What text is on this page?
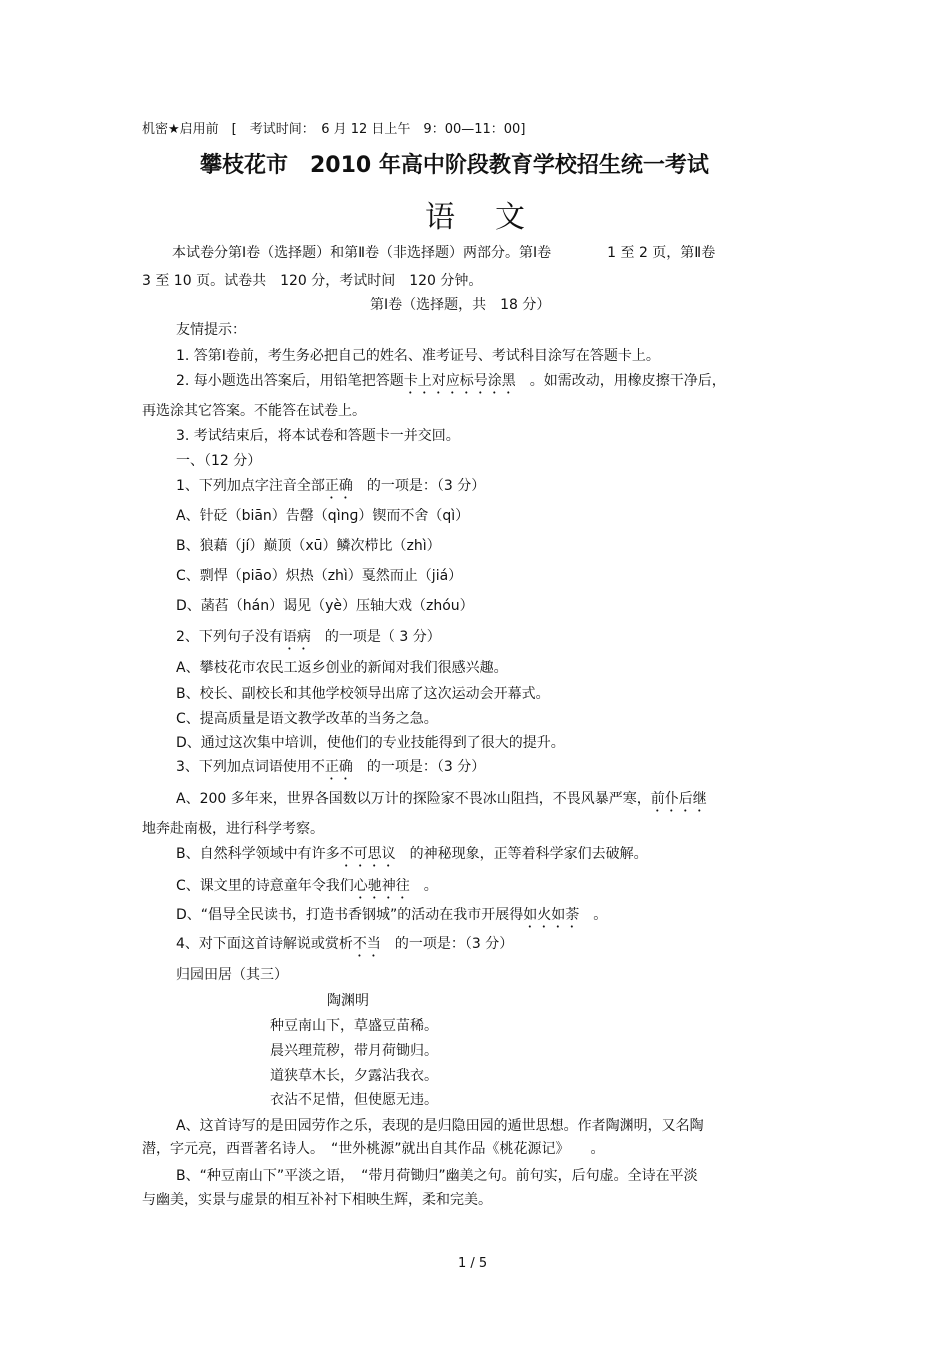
机密★启用前　[　考试时间：　6 月 12 日上午　9：00—11：00]
攀枝花市　2010 年高中阶段教育学校招生统一考试
语文
本试卷分第Ⅰ卷（选择题）和第Ⅱ卷（非选择题）两部分。第Ⅰ卷　　　　1 至 2 页，第Ⅱ卷
3 至 10 页。试卷共　120 分，考试时间　120 分钟。
第Ⅰ卷（选择题，共　18 分）
友情提示：
1. 答第Ⅰ卷前，考生务必把自己的姓名、准考证号、考试科目涂写在答题卡上。
2. 每小题选出答案后，用铅笔把答题卡上对应标号涂黑　。如需改动，用橡皮擦干净后，
再选涂其它答案。不能答在试卷上。
3. 考试结束后，将本试卷和答题卡一并交回。
一、（12 分）
1、下列加点字注音全部正确　的一项是：（3 分）
A、针砭（biān）告罄（qìnɡ）锲而不舍（qì）
B、狼藉（jí）巅顶（xū）鳞次栉比（zhì）
C、剽悍（piāo）炽热（zhì）戛然而止（jiá）
D、菡萏（hán）谒见（yè）压轴大戏（zhóu）
2、下列句子没有语病　的一项是（ 3 分）
A、攀枝花市农民工返乡创业的新闻对我们很感兴趣。
B、校长、副校长和其他学校领导出席了这次运动会开幕式。
C、提高质量是语文教学改革的当务之急。
D、通过这次集中培训，使他们的专业技能得到了很大的提升。
3、下列加点词语使用不正确　的一项是：（3 分）
A、200 多年来，世界各国数以万计的探险家不畏冰山阻挡，不畏风暴严寒，前仆后继
地奔赴南极，进行科学考察。
B、自然科学领域中有许多不可思议　的神秘现象，正等着科学家们去破解。
C、课文里的诗意童年令我们心驰神往　。
D、“倡导全民读书，打造书香钢城”的活动在我市开展得如火如荼　。
4、对下面这首诗解说或赏析不当　的一项是：（3 分）
归园田居（其三）
陶渊明
种豆南山下，草盛豆苗稀。
晨兴理荒秽，带月荷锄归。
道狭草木长，夕露沾我衣。
衣沾不足惜，但使愿无违。
A、这首诗写的是田园劳作之乐，表现的是归隐田园的遁世思想。作者陶渊明，又名陶
潜，字元亮，西晋著名诗人。　“世外桃源”就出自其作品《桃花源记》　　。
B、“种豆南山下”平淡之语，　“带月荷锄归”幽美之句。前句实，后句虚。全诗在平淡
与幽美，实景与虚景的相互补衬下相映生辉，柔和完美。
1 / 5
